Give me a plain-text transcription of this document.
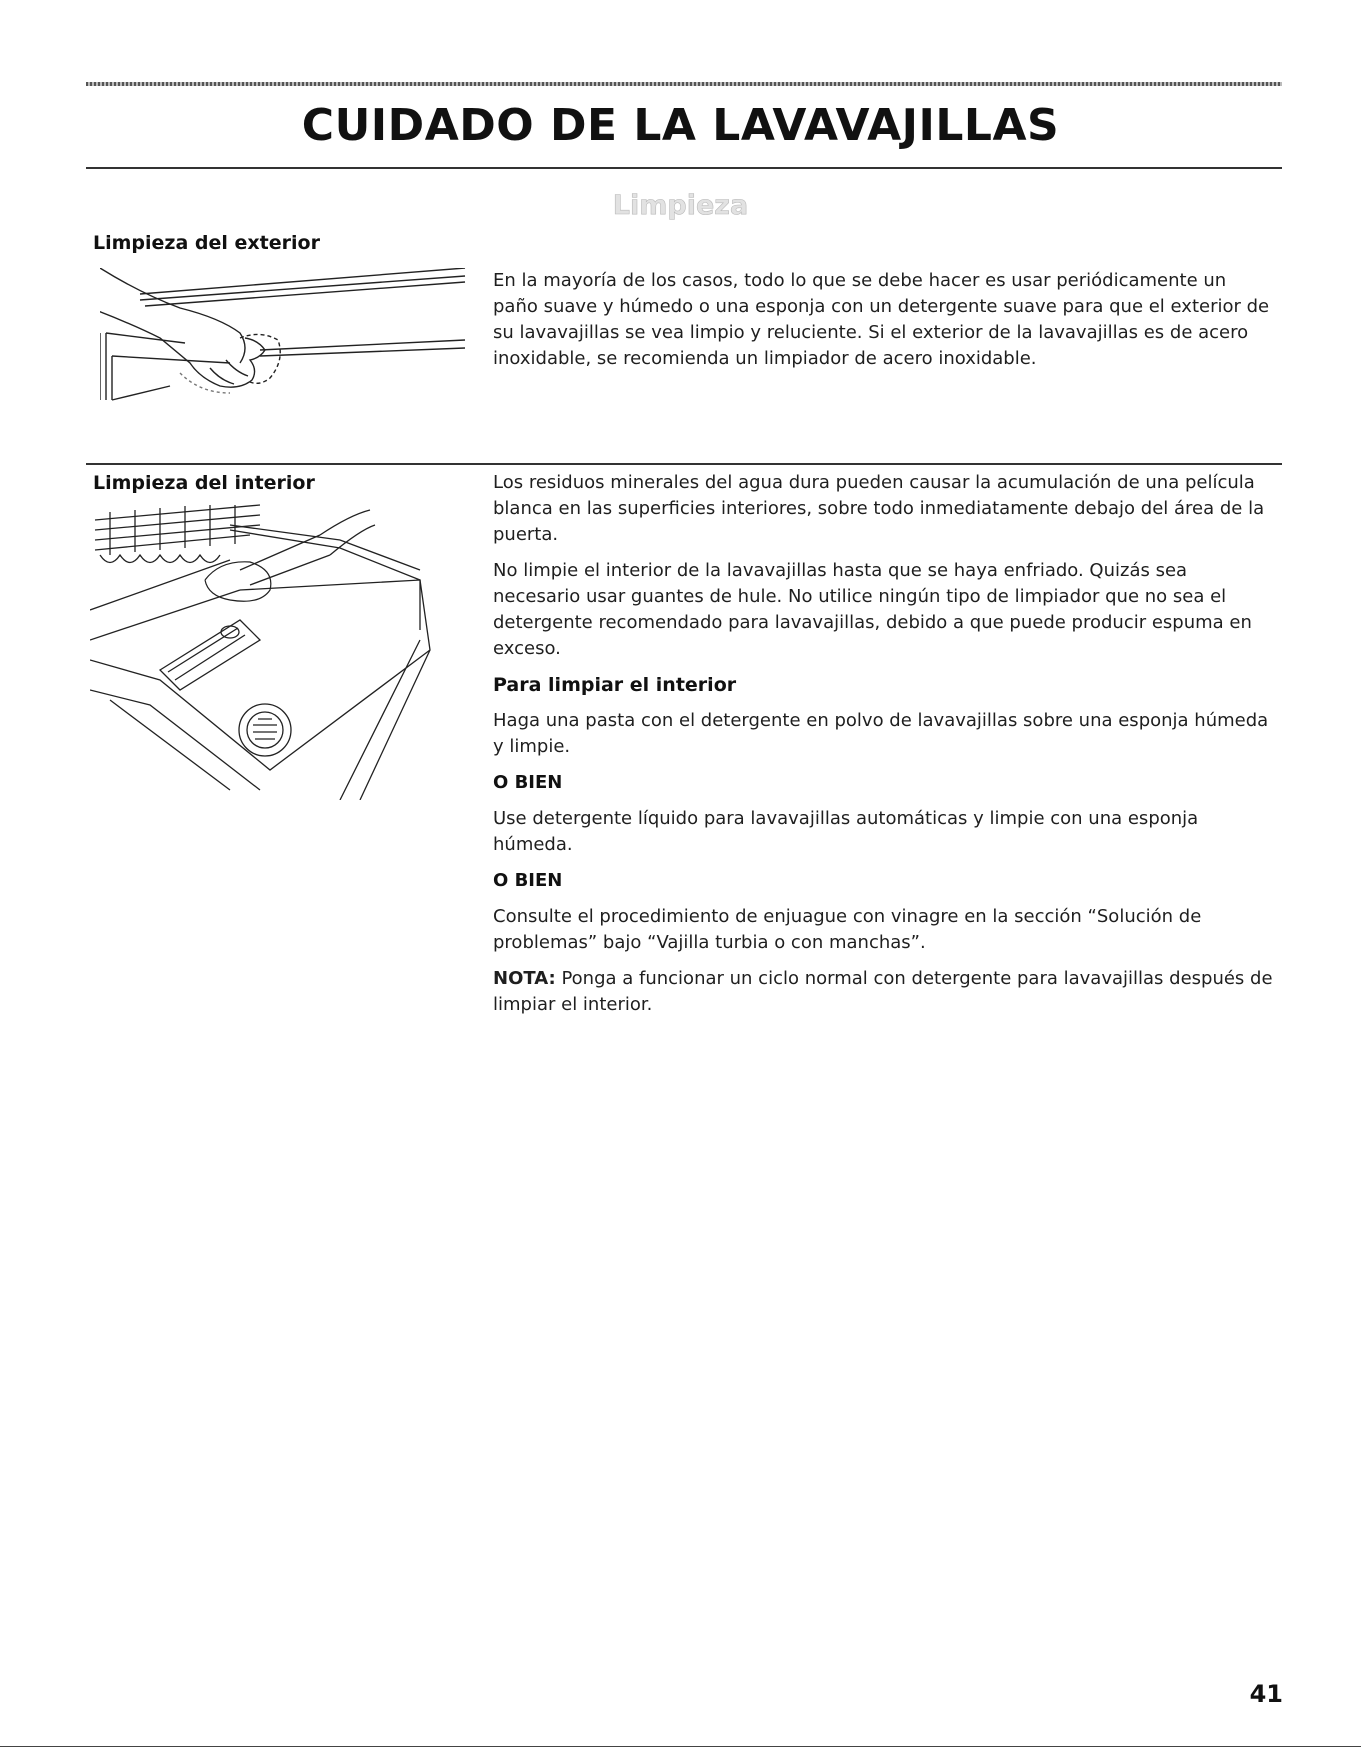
CUIDADO DE LA LAVAVAJILLAS
Limpieza
Limpieza del exterior

En la mayoría de los casos, todo lo que se debe hacer es usar periódicamente un paño suave y húmedo o una esponja con un detergente suave para que el exterior de su lavavajillas se vea limpio y reluciente. Si el exterior de la lavavajillas es de acero inoxidable, se recomienda un limpiador de acero inoxidable.

Limpieza del interior	Los residuos minerales del agua dura pueden causar la acumulación de una película blanca en las superficies interiores, sobre todo inmediatamente debajo del área de la puerta.

No limpie el interior de la lavavajillas hasta que se haya enfriado. Quizás sea necesario usar guantes de hule. No utilice ningún tipo de limpiador que no sea el detergente recomendado para lavavajillas, debido a que puede producir espuma en exceso.

Para limpiar el interior

Haga una pasta con el detergente en polvo de lavavajillas sobre una esponja húmeda y limpie.

O BIEN

Use detergente líquido para lavavajillas automáticas y limpie con una esponja húmeda.

O BIEN

Consulte el procedimiento de enjuague con vinagre en la sección “Solución de problemas” bajo “Vajilla turbia o con manchas”.

NOTA: Ponga a funcionar un ciclo normal con detergente para lavavajillas después de limpiar el interior.

41
